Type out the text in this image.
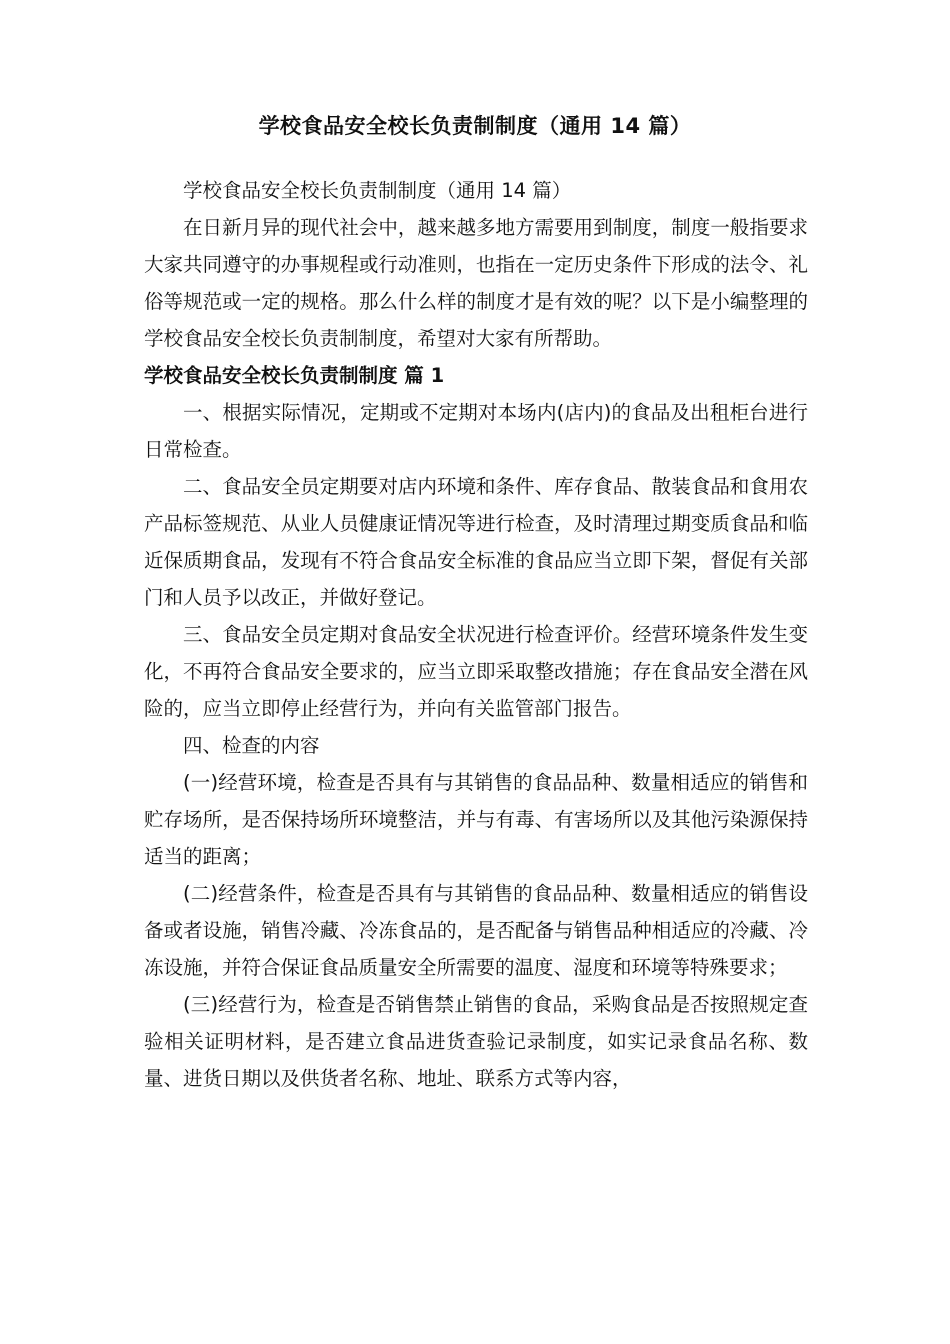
学校食品安全校长负责制制度（通用 14 篇）

学校食品安全校长负责制制度（通用 14 篇）

在日新月异的现代社会中，越来越多地方需要用到制度，制度一般指要求大家共同遵守的办事规程或行动准则，也指在一定历史条件下形成的法令、礼俗等规范或一定的规格。那么什么样的制度才是有效的呢？以下是小编整理的学校食品安全校长负责制制度，希望对大家有所帮助。

学校食品安全校长负责制制度 篇 1

一、根据实际情况，定期或不定期对本场内(店内)的食品及出租柜台进行日常检查。

二、食品安全员定期要对店内环境和条件、库存食品、散装食品和食用农产品标签规范、从业人员健康证情况等进行检查，及时清理过期变质食品和临近保质期食品，发现有不符合食品安全标准的食品应当立即下架，督促有关部门和人员予以改正，并做好登记。

三、食品安全员定期对食品安全状况进行检查评价。经营环境条件发生变化，不再符合食品安全要求的，应当立即采取整改措施；存在食品安全潜在风险的，应当立即停止经营行为，并向有关监管部门报告。

四、检查的内容

(一)经营环境，检查是否具有与其销售的食品品种、数量相适应的销售和贮存场所，是否保持场所环境整洁，并与有毒、有害场所以及其他污染源保持适当的距离；

(二)经营条件，检查是否具有与其销售的食品品种、数量相适应的销售设备或者设施，销售冷藏、冷冻食品的，是否配备与销售品种相适应的冷藏、冷冻设施，并符合保证食品质量安全所需要的温度、湿度和环境等特殊要求；

(三)经营行为，检查是否销售禁止销售的食品，采购食品是否按照规定查验相关证明材料，是否建立食品进货查验记录制度，如实记录食品名称、数量、进货日期以及供货者名称、地址、联系方式等内容，
